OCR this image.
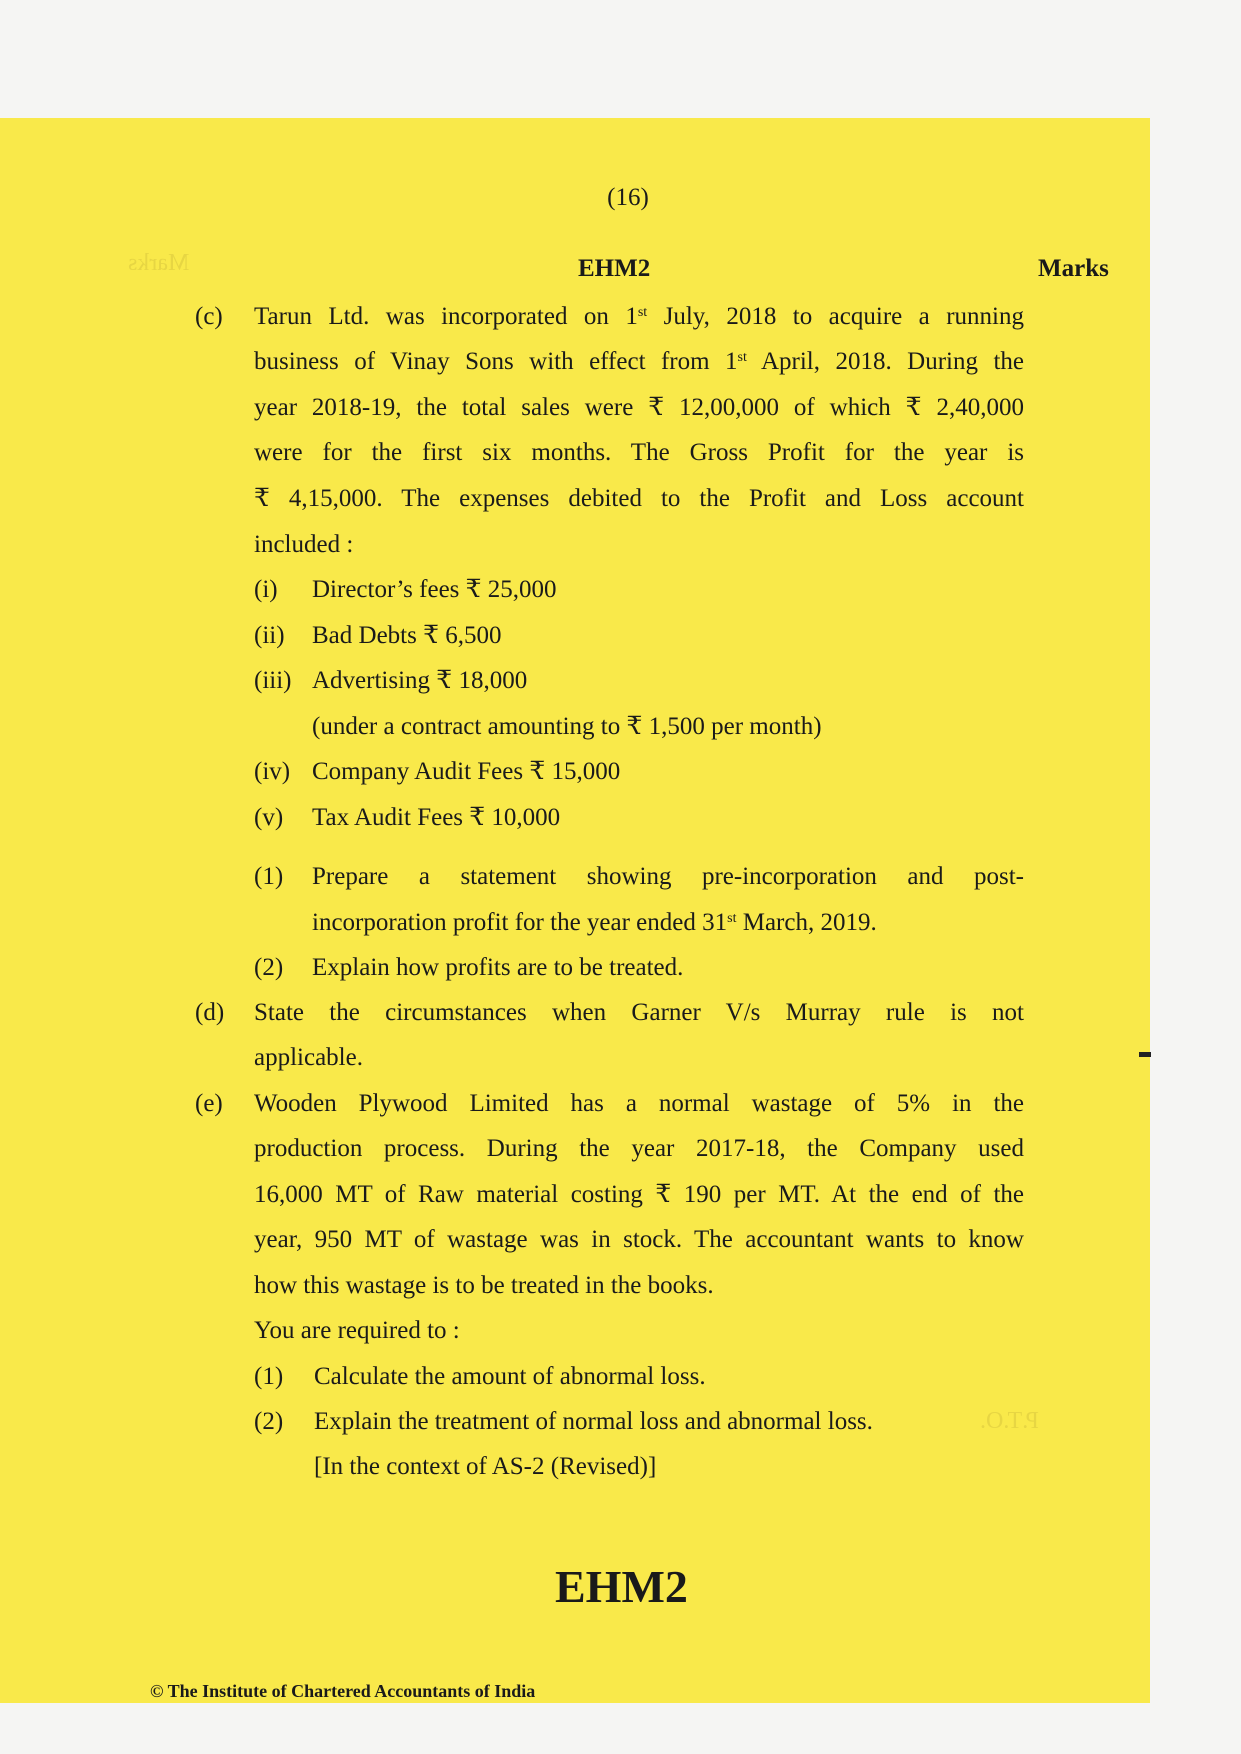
Marks
P.T.O.
(16)
EHM2	Marks
(c) Tarun Ltd. was incorporated on 1st July, 2018 to acquire a running
business of Vinay Sons with effect from 1st April, 2018. During the
year 2018-19, the total sales were ₹ 12,00,000 of which ₹ 2,40,000
were for the first six months. The Gross Profit for the year is
₹ 4,15,000. The expenses debited to the Profit and Loss account
included :
(i) Director’s fees ₹ 25,000
(ii) Bad Debts ₹ 6,500
(iii) Advertising ₹ 18,000
(under a contract amounting to ₹ 1,500 per month)
(iv) Company Audit Fees ₹ 15,000
(v) Tax Audit Fees ₹ 10,000
(1) Prepare a statement showing pre-incorporation and post-
incorporation profit for the year ended 31st March, 2019.
(2) Explain how profits are to be treated.
(d) State the circumstances when Garner V/s Murray rule is not
applicable.
(e) Wooden Plywood Limited has a normal wastage of 5% in the
production process. During the year 2017-18, the Company used
16,000 MT of Raw material costing ₹ 190 per MT. At the end of the
year, 950 MT of wastage was in stock. The accountant wants to know
how this wastage is to be treated in the books.
You are required to :
(1) Calculate the amount of abnormal loss.
(2) Explain the treatment of normal loss and abnormal loss.
[In the context of AS-2 (Revised)]
EHM2
© The Institute of Chartered Accountants of India
